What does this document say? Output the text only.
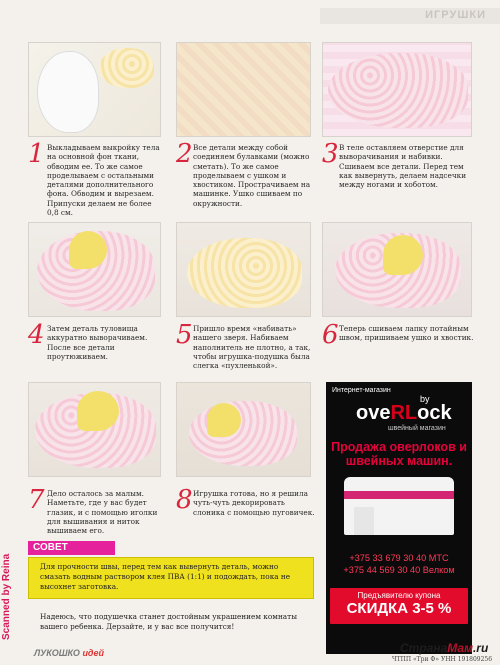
ИГРУШКИ
1 Выкладываем выкройку тела на основной фон ткани, обводим ее. То же самое проделываем с остальными деталями дополнительного фона. Обводим и вырезаем. Припуски делаем не более 0,8 см.
2 Все детали между собой соединяем булавками (можно сметать). То же самое проделываем с ушком и хвостиком. Прострачиваем на машинке. Ушко сшиваем по окружности.
3 В теле оставляем отверстие для выворачивания и набивки. Сшиваем все детали. Перед тем как вывернуть, делаем надсечки между ногами и хоботом.
4 Затем деталь туловища аккуратно выворачиваем. После все детали проутюживаем.
5 Пришло время «набивать» нашего зверя. Набиваем наполнитель не плотно, а так, чтобы игрушка-подушка была слегка «пухленькой».
6 Теперь сшиваем лапку потайным швом, пришиваем ушко и хвостик.
7 Дело осталось за малым. Наметьте, где у вас будет глазик, и с помощью иголки для вышивания и ниток вышиваем его.
8 Игрушка готова, но я решила чуть-чуть декорировать слоника с помощью пуговичек.
Интернет-магазин
by
oveRLock
швейный магазин
Продажа оверлоков и швейных машин.
+375 33 679 30 40 МТС
+375 44 569 30 40 Велком
Предъявителю купона
СКИДКА 3-5 %
СОВЕТ
Для прочности швы, перед тем как вывернуть деталь, можно смазать водным раствором клея ПВА (1:1) и подождать, пока не высохнет заготовка.
Надеюсь, что подушечка станет достойным украшением комнаты вашего ребенка. Дерзайте, и у вас все получится!
ЛУКОШКО идей
Scanned by Reina
ЧТПП «Три Ф» УНН 191809256
СтранаМам.ru
